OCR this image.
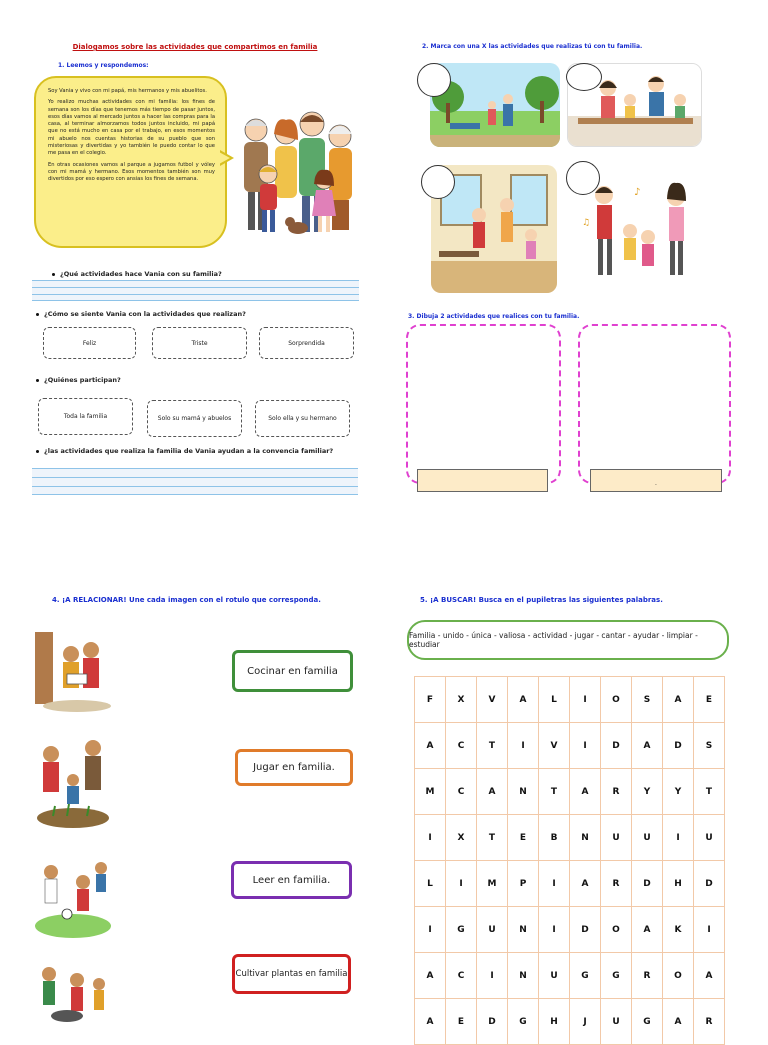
Dialogamos sobre las actividades que compartimos en familia
1. Leemos y respondemos:

Soy Vania y vivo con mi papá, mis hermanos y mis abuelitos.

Yo realizo muchas actividades con mi familia: los fines de semana son los días que tenemos más tiempo de pasar juntos, esos días vamos al mercado juntos a hacer las compras para la casa, al terminar almorzamos todos juntos incluido, mi papá que no está mucho en casa por el trabajo, en esos momentos mi abuelo nos cuentas historias de su pueblo que son misteriosas y divertidas y yo también le puedo contar lo que me pasa en el colegio.

En otras ocasiones vamos al parque a jugamos futbol y vóley con mi mamá y hermano. Esos momentos también son muy divertidos por eso espero con ansias los fines de semana.

¿Qué actividades hace Vania con su familia?
¿Cómo se siente Vania con la actividades que realizan?
Feliz	Triste	Sorprendida
¿Quiénes participan?
Toda la familia	Solo su mamá y abuelos	Solo ella y su hermano
¿las actividades que realiza la familia de Vania ayudan a la convencia familiar?
2. Marca con una X las actividades que realizas tú con tu familia.
♪
♫
3. Dibuja 2 actividades que realices con tu familia.
.
4. ¡A RELACIONAR! Une cada imagen con el rotulo que corresponda.
Cocinar en familia
Jugar en familia.
Leer en familia.
Cultivar plantas en familia
5. ¡A BUSCAR! Busca en el pupiletras las siguientes palabras.
Familia - unido - única - valiosa - actividad - jugar - cantar - ayudar - limpiar - estudiar
F	X	V	A	L	I	O	S	A	E
A	C	T	I	V	I	D	A	D	S
M	C	A	N	T	A	R	Y	Y	T
I	X	T	E	B	N	U	U	I	U
L	I	M	P	I	A	R	D	H	D
I	G	U	N	I	D	O	A	K	I
A	C	I	N	U	G	G	R	O	A
A	E	D	G	H	J	U	G	A	R
